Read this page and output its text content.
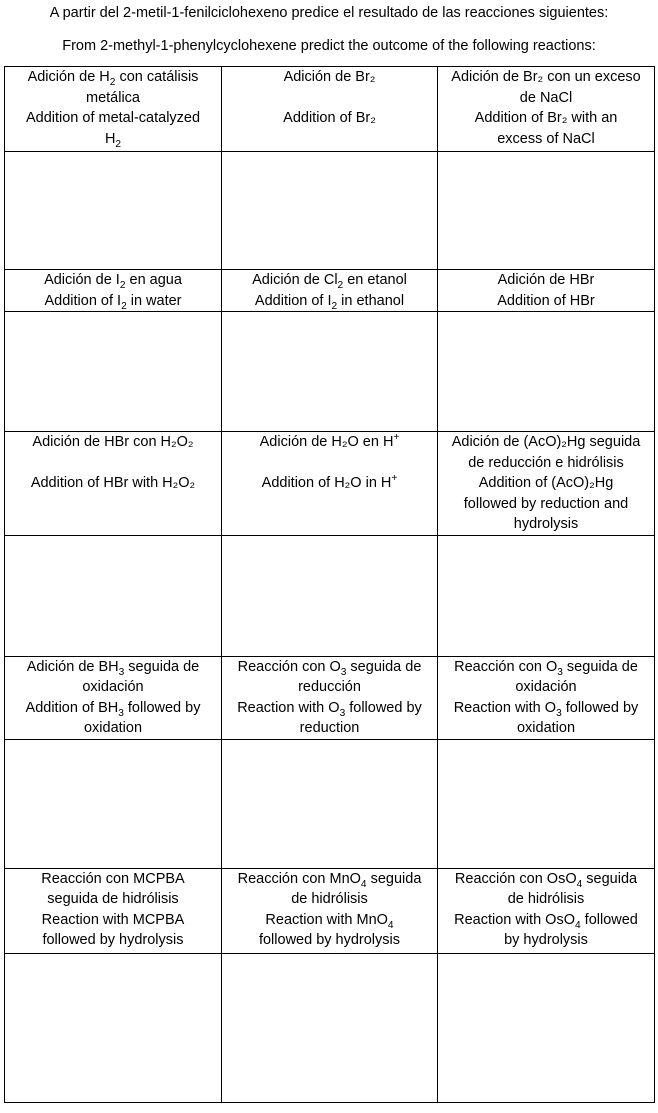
A partir del 2-metil-1-fenilciclohexeno predice el resultado de las reacciones siguientes:
From 2-methyl-1-phenylcyclohexene predict the outcome of the following reactions:
Adición de $H_2$ con catálisis
metálica
Addition of metal-catalyzed
$H_2$	Adición de Br₂
Addition of Br₂	Adición de Br₂ con un exceso
de NaCl
Addition of Br₂ with an
excess of NaCl

Adición de $I_2$ en agua
Addition of $I_2$ in water	Adición de $Cl_2$ en etanol
Addition of $I_2$ in ethanol	Adición de HBr
Addition of HBr

Adición de HBr con H₂O₂
Addition of HBr with H₂O₂	Adición de H₂O en H+
Addition of H₂O in H+	Adición de (AcO)₂Hg seguida
de reducción e hidrólisis
Addition of (AcO)₂Hg
followed by reduction and
hydrolysis

Adición de $BH_3$ seguida de
oxidación
Addition of $BH_3$ followed by
oxidation	Reacción con $O_3$ seguida de
reducción
Reaction with $O_3$ followed by
reduction	Reacción con $O_3$ seguida de
oxidación
Reaction with $O_3$ followed by
oxidation

Reacción con MCPBA
seguida de hidrólisis
Reaction with MCPBA
followed by hydrolysis	Reacción con MnO$_4$ seguida
de hidrólisis
Reaction with MnO$_4$
followed by hydrolysis	Reacción con OsO$_4$ seguida
de hidrólisis
Reaction with OsO$_4$ followed
by hydrolysis
